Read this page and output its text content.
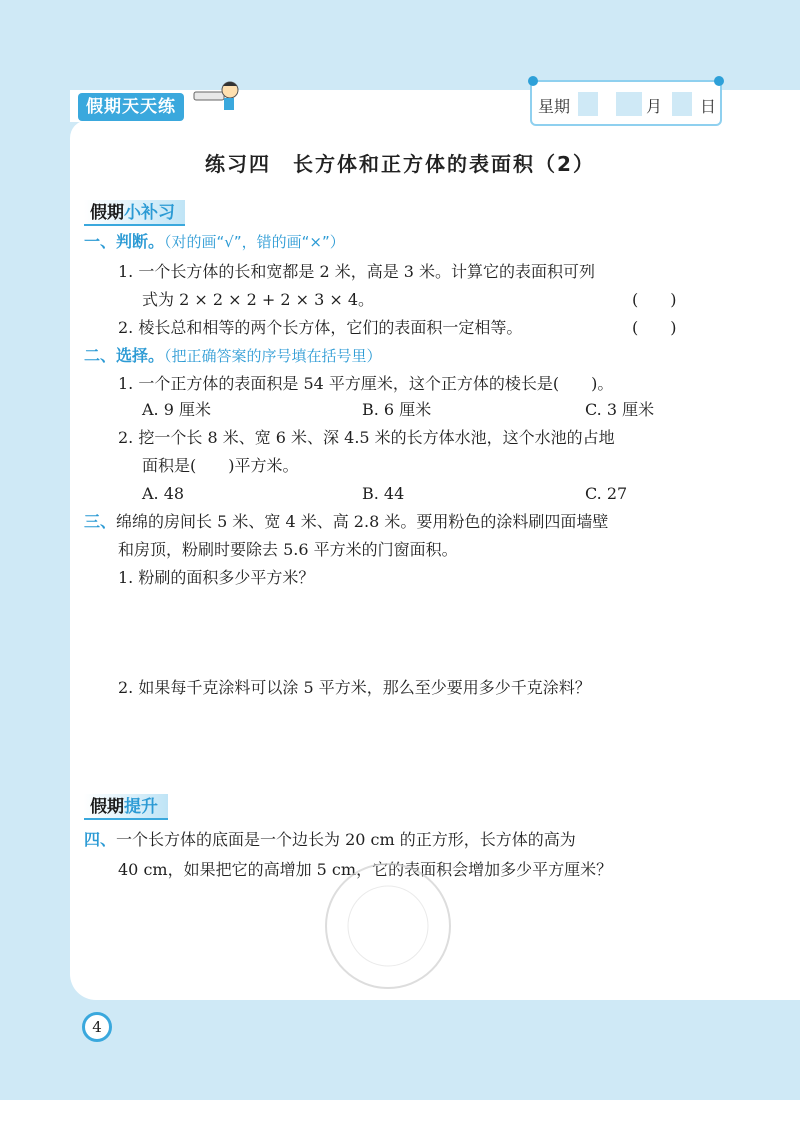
假期天天练	星期	月 日
练习四　长方体和正方体的表面积（2）
假期小补习
一、判断。（对的画“√”，错的画“×”）
1. 一个长方体的长和宽都是 2 米，高是 3 米。计算它的表面积可列
式为 2 × 2 × 2 + 2 × 3 × 4。	(　　)
2. 棱长总和相等的两个长方体，它们的表面积一定相等。	(　　)
二、选择。（把正确答案的序号填在括号里）
1. 一个正方体的表面积是 54 平方厘米，这个正方体的棱长是(　　)。
A. 9 厘米	B. 6 厘米	C. 3 厘米
2. 挖一个长 8 米、宽 6 米、深 4.5 米的长方体水池，这个水池的占地
面积是(　　)平方米。
A. 48	B. 44	C. 27
三、绵绵的房间长 5 米、宽 4 米、高 2.8 米。要用粉色的涂料刷四面墙壁
和房顶，粉刷时要除去 5.6 平方米的门窗面积。
1. 粉刷的面积多少平方米？
2. 如果每千克涂料可以涂 5 平方米，那么至少要用多少千克涂料？
假期提升
四、一个长方体的底面是一个边长为 20 cm 的正方形，长方体的高为
40 cm，如果把它的高增加 5 cm，它的表面积会增加多少平方厘米？
4
